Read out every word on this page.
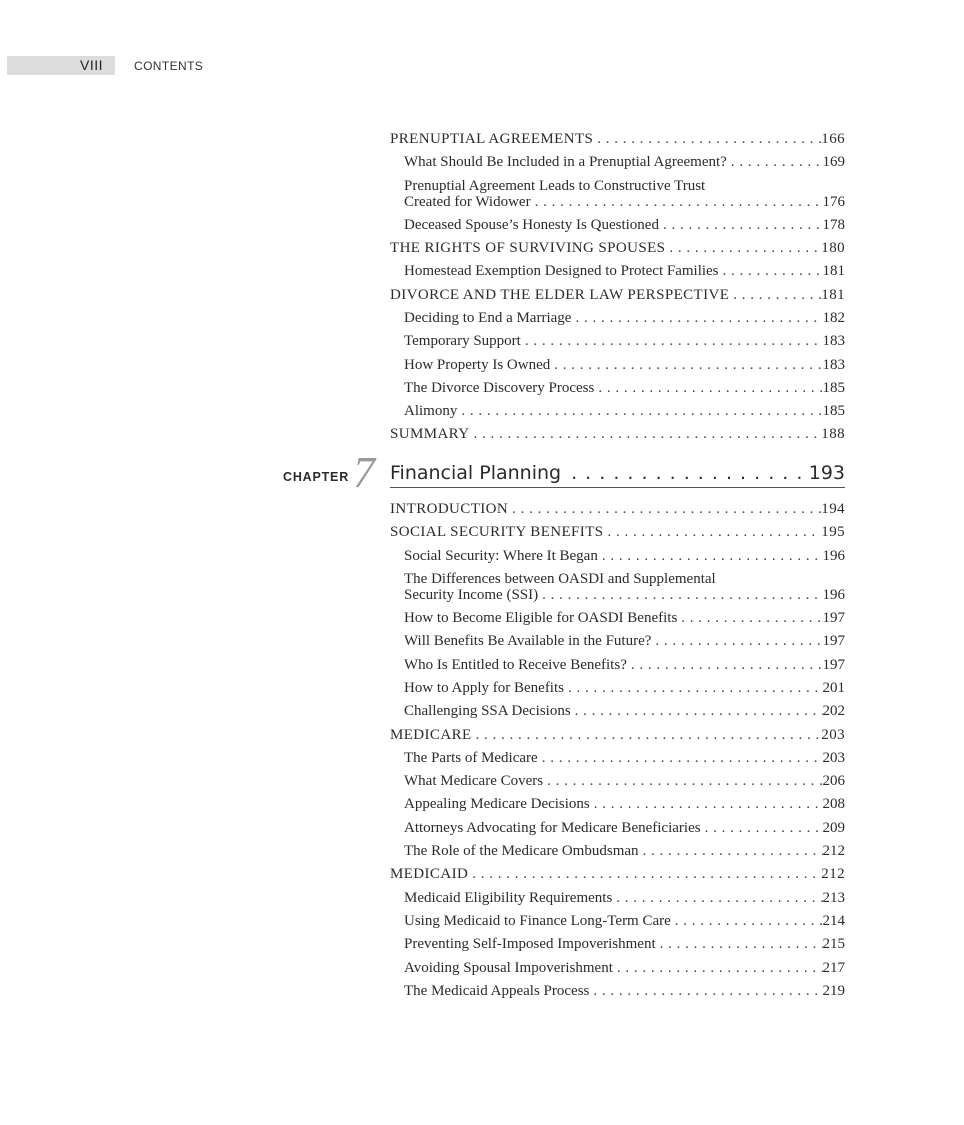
VIII	CONTENTS
PRENUPTIAL AGREEMENTS . . .	166
What Should Be Included in a Prenuptial Agreement? . . .	169
Prenuptial Agreement Leads to Constructive Trust
Created for Widower . . .	176
Deceased Spouse’s Honesty Is Questioned . . .	178
THE RIGHTS OF SURVIVING SPOUSES . . .	180
Homestead Exemption Designed to Protect Families . . .	181
DIVORCE AND THE ELDER LAW PERSPECTIVE . . .	181
Deciding to End a Marriage . . .	182
Temporary Support . . .	183
How Property Is Owned . . .	183
The Divorce Discovery Process . . .	185
Alimony . . .	185
SUMMARY . . .	188
CHAPTER 7 Financial Planning . . .	193
INTRODUCTION . . .	194
SOCIAL SECURITY BENEFITS . . .	195
Social Security: Where It Began . . .	196
The Differences between OASDI and Supplemental
Security Income (SSI) . . .	196
How to Become Eligible for OASDI Benefits . . .	197
Will Benefits Be Available in the Future? . . .	197
Who Is Entitled to Receive Benefits? . . .	197
How to Apply for Benefits . . .	201
Challenging SSA Decisions . . .	202
MEDICARE . . .	203
The Parts of Medicare . . .	203
What Medicare Covers . . .	206
Appealing Medicare Decisions . . .	208
Attorneys Advocating for Medicare Beneficiaries . . .	209
The Role of the Medicare Ombudsman . . .	212
MEDICAID . . .	212
Medicaid Eligibility Requirements . . .	213
Using Medicaid to Finance Long-Term Care . . .	214
Preventing Self-Imposed Impoverishment . . .	215
Avoiding Spousal Impoverishment . . .	217
The Medicaid Appeals Process . . .	219
